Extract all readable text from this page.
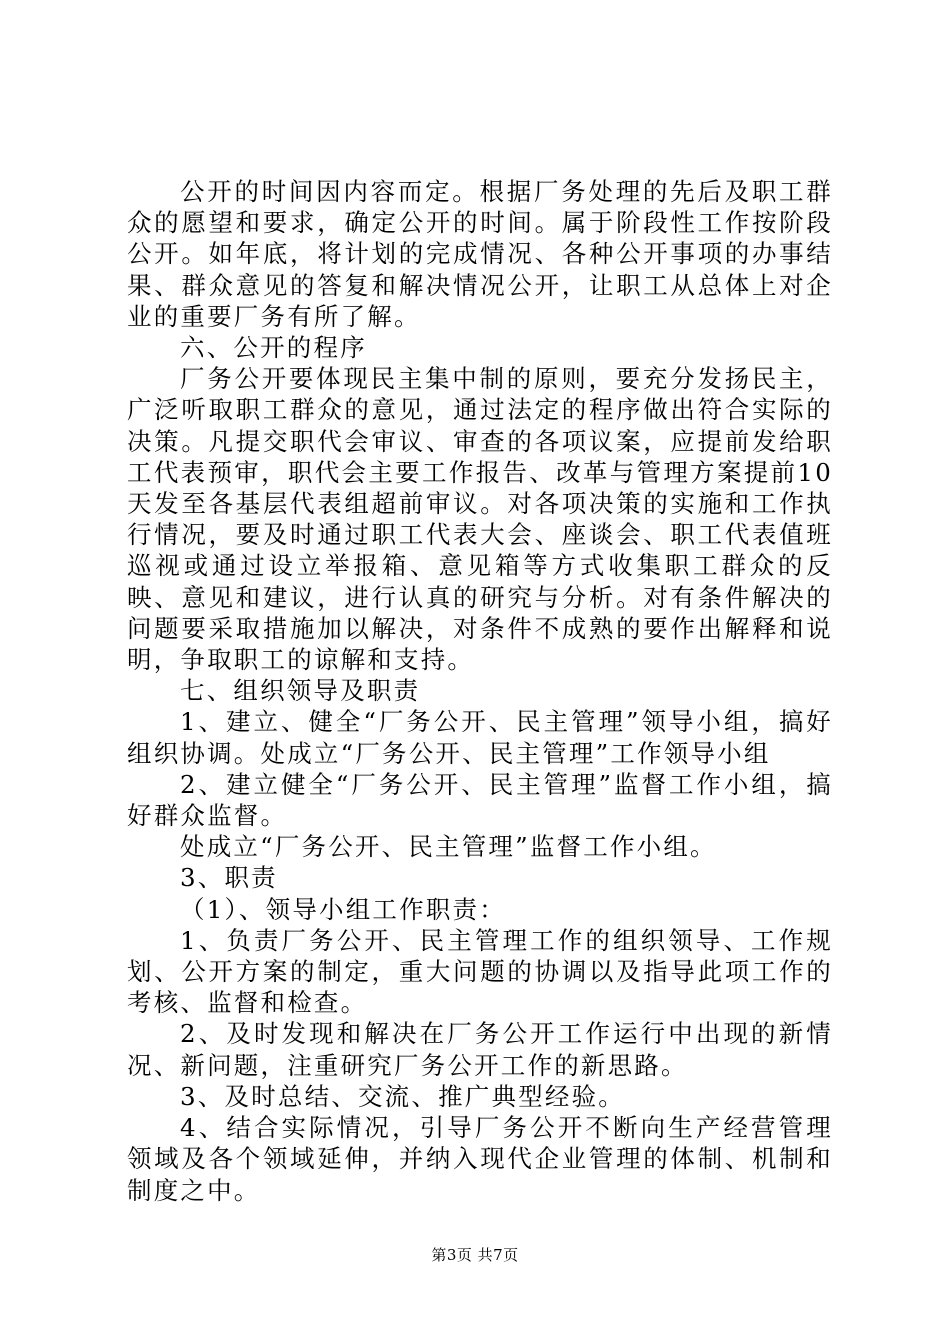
公开的时间因内容而定。根据厂务处理的先后及职工群众的愿望和要求，确定公开的时间。属于阶段性工作按阶段公开。如年底，将计划的完成情况、各种公开事项的办事结果、群众意见的答复和解决情况公开，让职工从总体上对企业的重要厂务有所了解。

六、公开的程序

厂务公开要体现民主集中制的原则，要充分发扬民主，广泛听取职工群众的意见，通过法定的程序做出符合实际的决策。凡提交职代会审议、审查的各项议案，应提前发给职工代表预审，职代会主要工作报告、改革与管理方案提前10天发至各基层代表组超前审议。对各项决策的实施和工作执行情况，要及时通过职工代表大会、座谈会、职工代表值班巡视或通过设立举报箱、意见箱等方式收集职工群众的反映、意见和建议，进行认真的研究与分析。对有条件解决的问题要采取措施加以解决，对条件不成熟的要作出解释和说明，争取职工的谅解和支持。

七、组织领导及职责

1、建立、健全“厂务公开、民主管理”领导小组，搞好组织协调。处成立“厂务公开、民主管理”工作领导小组

2、建立健全“厂务公开、民主管理”监督工作小组，搞好群众监督。

处成立“厂务公开、民主管理”监督工作小组。

3、职责

（1）、领导小组工作职责：

1、负责厂务公开、民主管理工作的组织领导、工作规划、公开方案的制定，重大问题的协调以及指导此项工作的考核、监督和检查。

2、及时发现和解决在厂务公开工作运行中出现的新情况、新问题，注重研究厂务公开工作的新思路。

3、及时总结、交流、推广典型经验。

4、结合实际情况，引导厂务公开不断向生产经营管理领域及各个领域延伸，并纳入现代企业管理的体制、机制和制度之中。

第3页 共7页
